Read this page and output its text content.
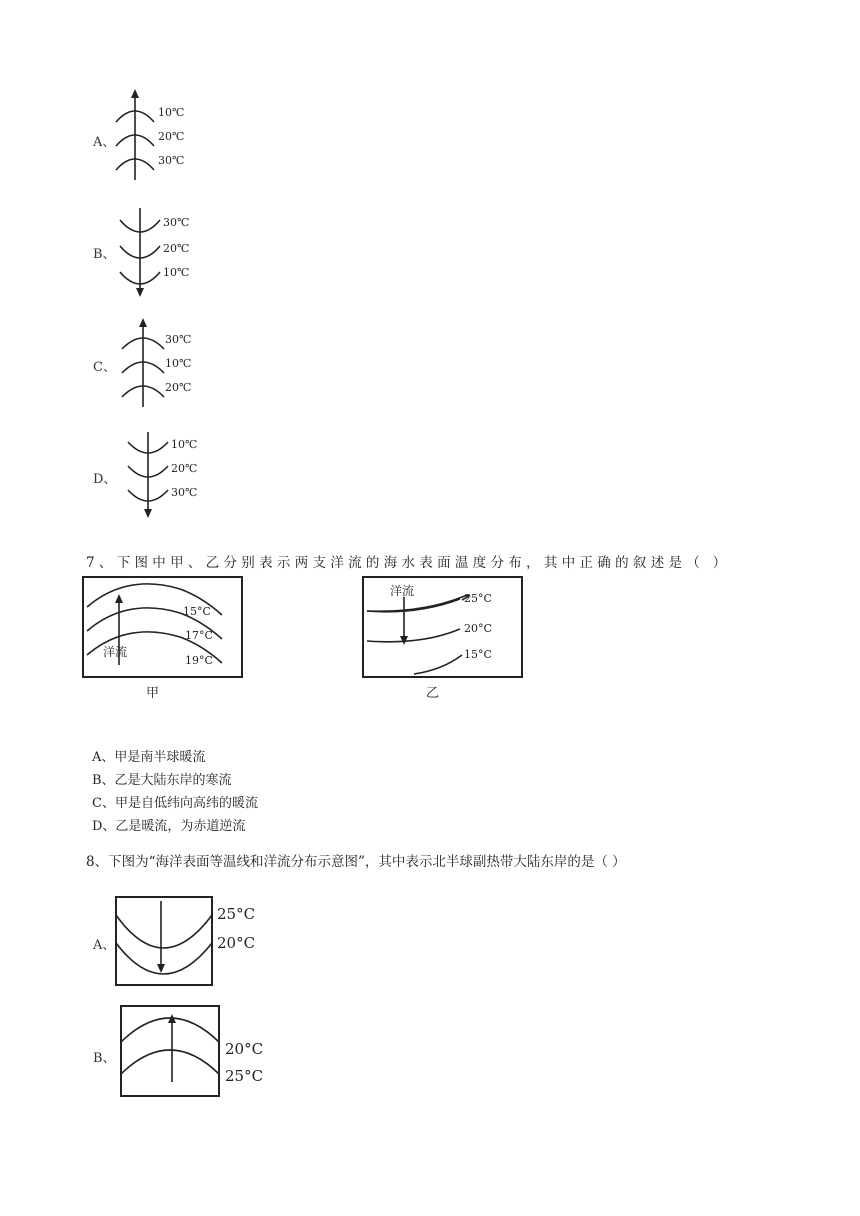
A、
10℃
20℃
30℃
B、
30℃
20℃
10℃
C、
30℃
10℃
20℃
D、
10℃
20℃
30℃
7、下图中甲、乙分别表示两支洋流的海水表面温度分布，其中正确的叙述是（ ）
洋流
15°C
17°C
19°C
甲
洋流
25°C
20°C
15°C
乙
A、甲是南半球暖流
B、乙是大陆东岸的寒流
C、甲是自低纬向高纬的暖流
D、乙是暖流，为赤道逆流
8、下图为“海洋表面等温线和洋流分布示意图”，其中表示北半球副热带大陆东岸的是（ ）
A、
25°C
20°C
B、
20°C
25°C
